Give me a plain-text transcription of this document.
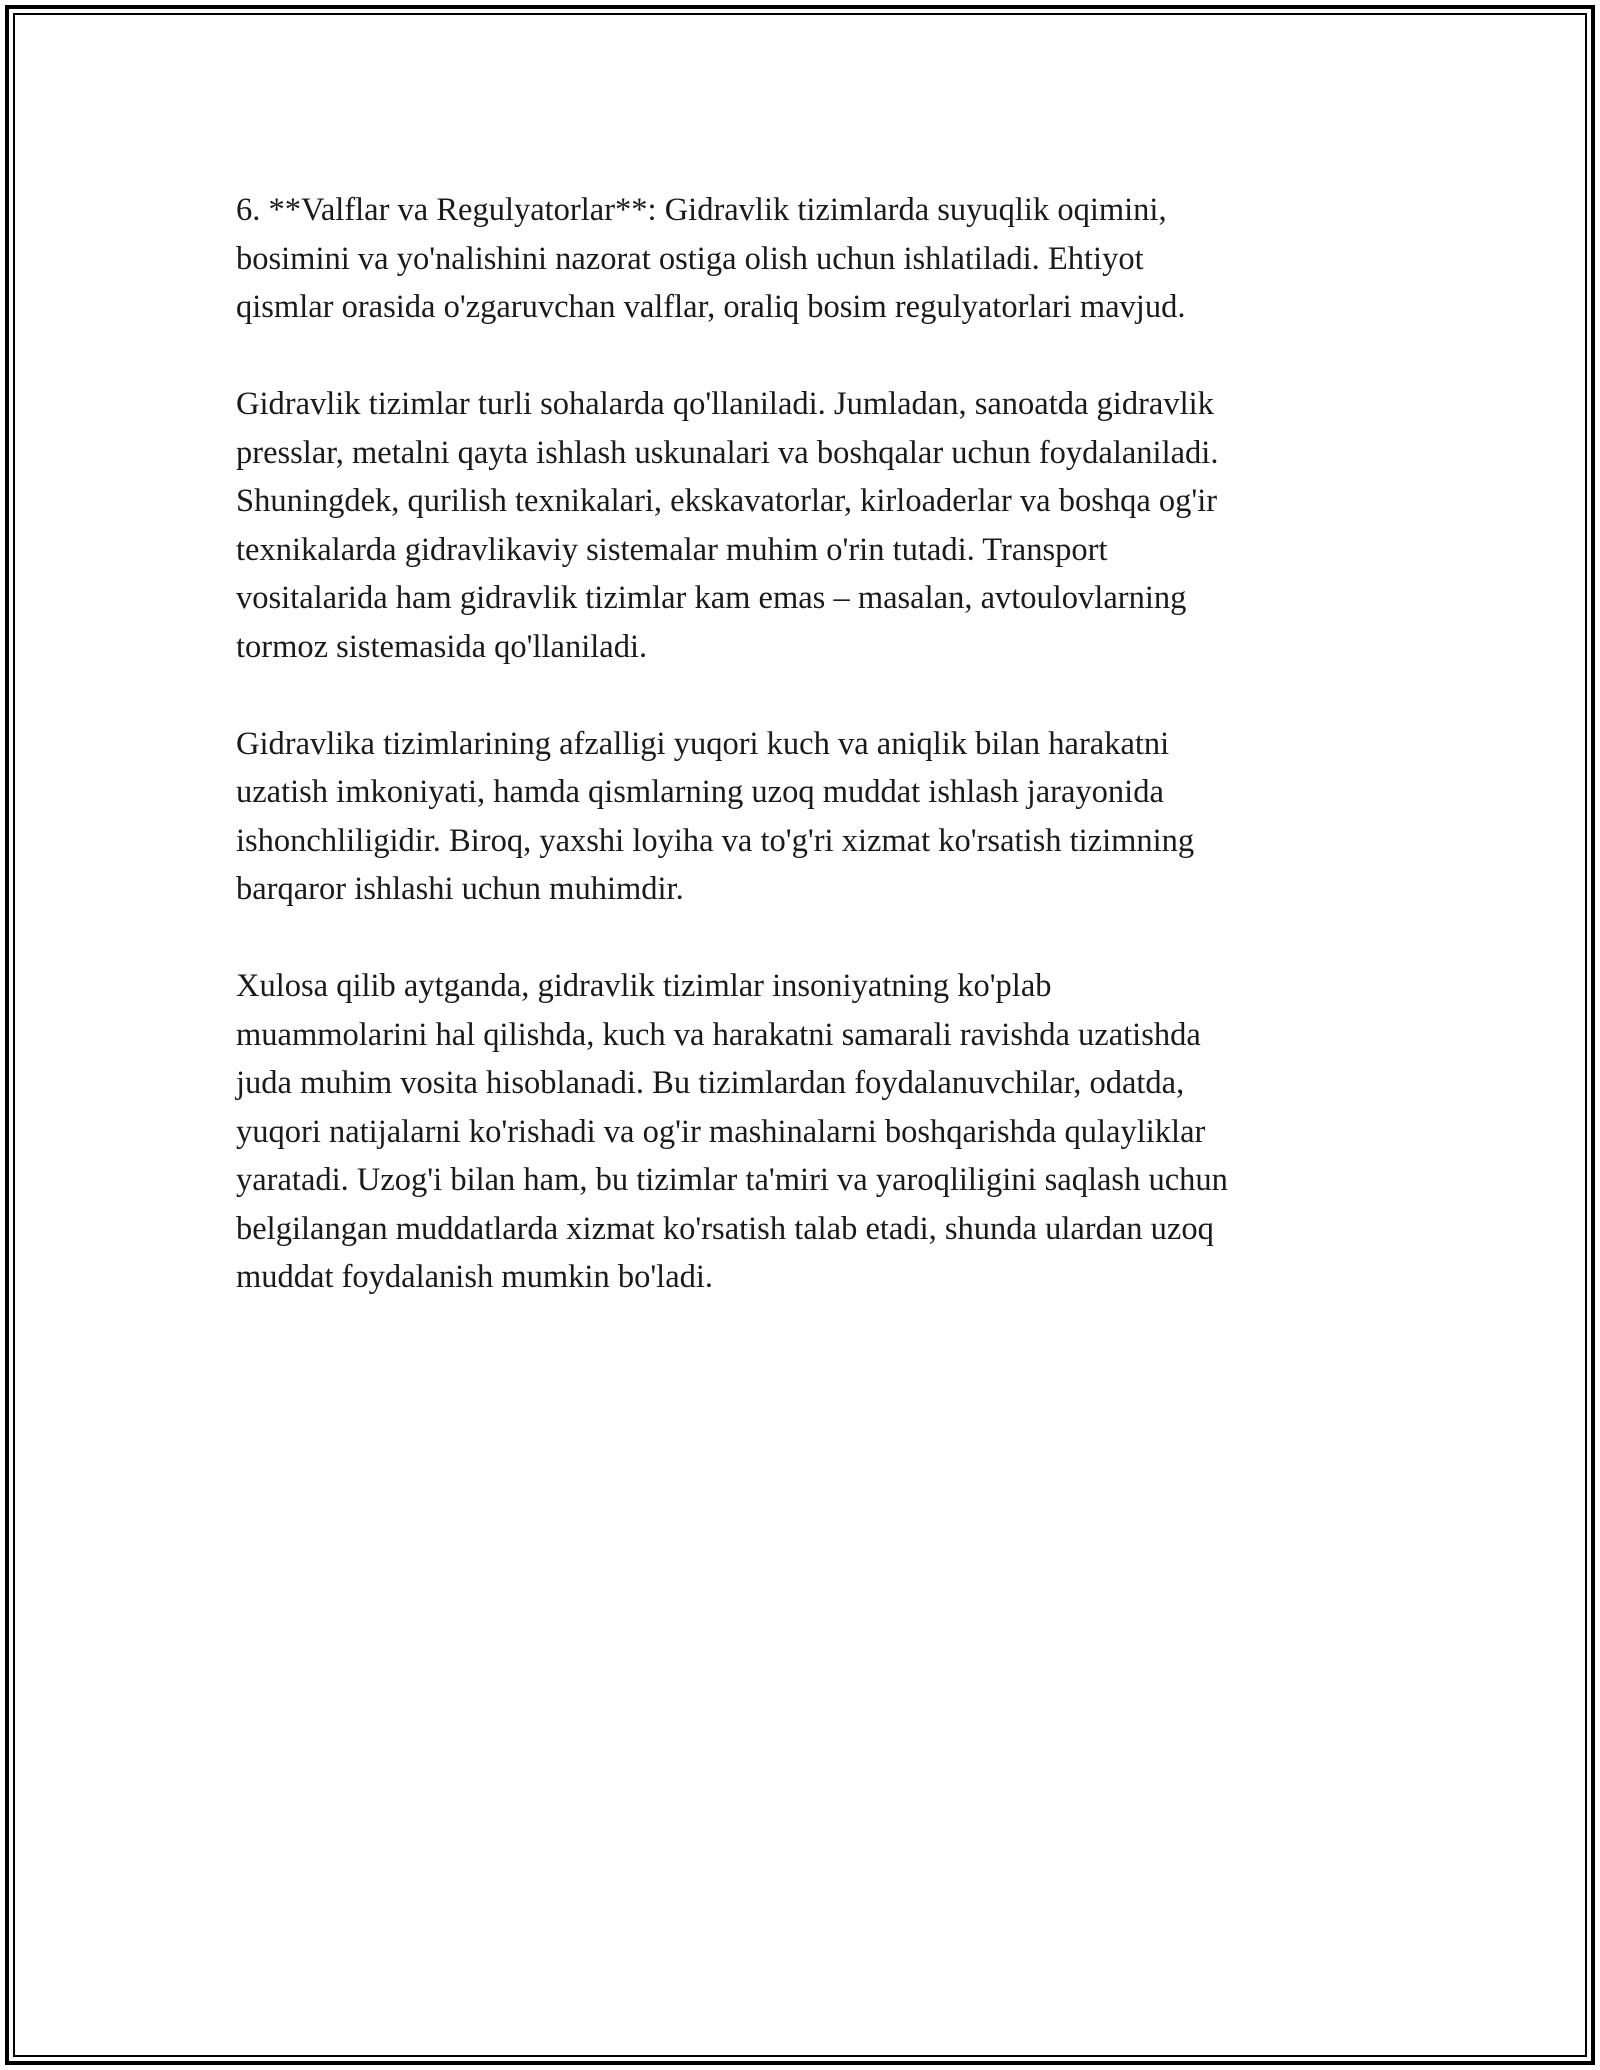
6. **Valflar va Regulyatorlar**: Gidravlik tizimlarda suyuqlik oqimini,
bosimini va yo'nalishini nazorat ostiga olish uchun ishlatiladi. Ehtiyot
qismlar orasida o'zgaruvchan valflar, oraliq bosim regulyatorlari mavjud.

Gidravlik tizimlar turli sohalarda qo'llaniladi. Jumladan, sanoatda gidravlik
presslar, metalni qayta ishlash uskunalari va boshqalar uchun foydalaniladi.
Shuningdek, qurilish texnikalari, ekskavatorlar, kirloaderlar va boshqa og'ir
texnikalarda gidravlikaviy sistemalar muhim o'rin tutadi. Transport
vositalarida ham gidravlik tizimlar kam emas – masalan, avtoulovlarning
tormoz sistemasida qo'llaniladi.

Gidravlika tizimlarining afzalligi yuqori kuch va aniqlik bilan harakatni
uzatish imkoniyati, hamda qismlarning uzoq muddat ishlash jarayonida
ishonchliligidir. Biroq, yaxshi loyiha va to'g'ri xizmat ko'rsatish tizimning
barqaror ishlashi uchun muhimdir.

Xulosa qilib aytganda, gidravlik tizimlar insoniyatning ko'plab
muammolarini hal qilishda, kuch va harakatni samarali ravishda uzatishda
juda muhim vosita hisoblanadi. Bu tizimlardan foydalanuvchilar, odatda,
yuqori natijalarni ko'rishadi va og'ir mashinalarni boshqarishda qulayliklar
yaratadi. Uzog'i bilan ham, bu tizimlar ta'miri va yaroqliligini saqlash uchun
belgilangan muddatlarda xizmat ko'rsatish talab etadi, shunda ulardan uzoq
muddat foydalanish mumkin bo'ladi.
